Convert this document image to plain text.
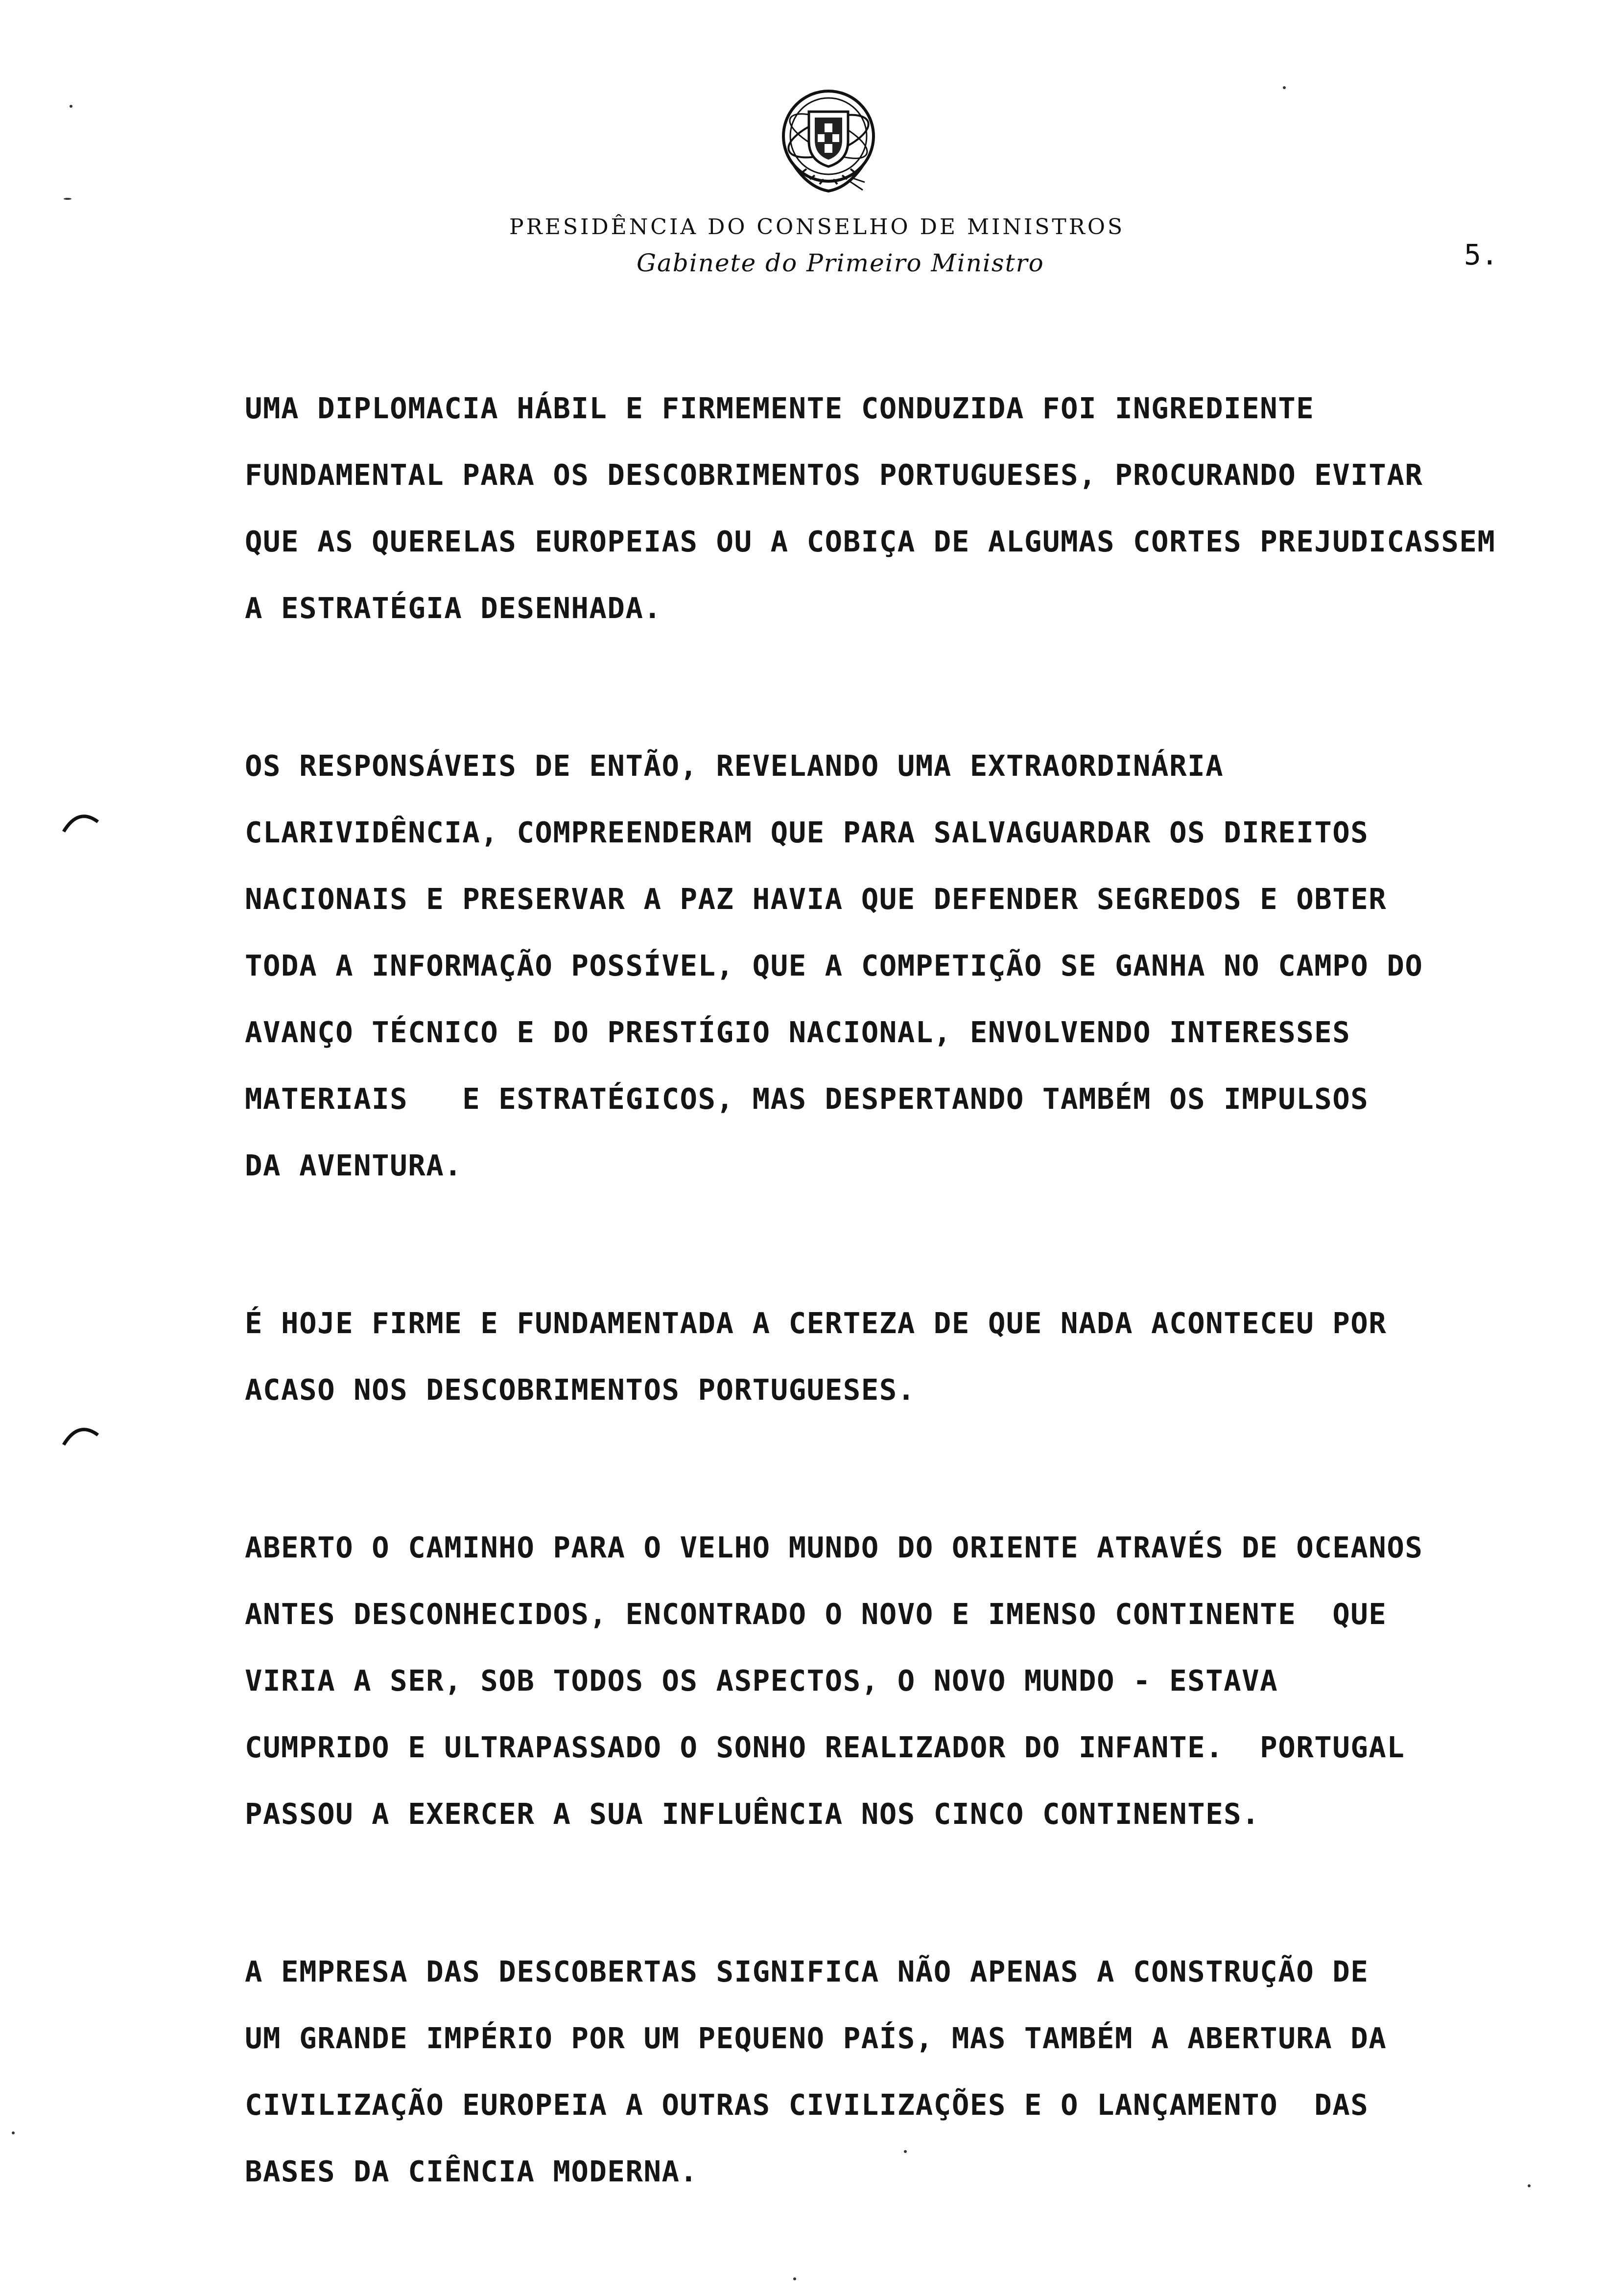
PRESIDÊNCIA DO CONSELHO DE MINISTROS
Gabinete do Primeiro Ministro	5.
UMA DIPLOMACIA HÁBIL E FIRMEMENTE CONDUZIDA FOI INGREDIENTE
FUNDAMENTAL PARA OS DESCOBRIMENTOS PORTUGUESES, PROCURANDO EVITAR
QUE AS QUERELAS EUROPEIAS OU A COBIÇA DE ALGUMAS CORTES PREJUDICASSEM
A ESTRATÉGIA DESENHADA.
OS RESPONSÁVEIS DE ENTÃO, REVELANDO UMA EXTRAORDINÁRIA
CLARIVIDÊNCIA, COMPREENDERAM QUE PARA SALVAGUARDAR OS DIREITOS
NACIONAIS E PRESERVAR A PAZ HAVIA QUE DEFENDER SEGREDOS E OBTER
TODA A INFORMAÇÃO POSSÍVEL, QUE A COMPETIÇÃO SE GANHA NO CAMPO DO
AVANÇO TÉCNICO E DO PRESTÍGIO NACIONAL, ENVOLVENDO INTERESSES
MATERIAIS   E ESTRATÉGICOS, MAS DESPERTANDO TAMBÉM OS IMPULSOS
DA AVENTURA.
É HOJE FIRME E FUNDAMENTADA A CERTEZA DE QUE NADA ACONTECEU POR
ACASO NOS DESCOBRIMENTOS PORTUGUESES.
ABERTO O CAMINHO PARA O VELHO MUNDO DO ORIENTE ATRAVÉS DE OCEANOS
ANTES DESCONHECIDOS, ENCONTRADO O NOVO E IMENSO CONTINENTE  QUE
VIRIA A SER, SOB TODOS OS ASPECTOS, O NOVO MUNDO - ESTAVA
CUMPRIDO E ULTRAPASSADO O SONHO REALIZADOR DO INFANTE.  PORTUGAL
PASSOU A EXERCER A SUA INFLUÊNCIA NOS CINCO CONTINENTES.
A EMPRESA DAS DESCOBERTAS SIGNIFICA NÃO APENAS A CONSTRUÇÃO DE
UM GRANDE IMPÉRIO POR UM PEQUENO PAÍS, MAS TAMBÉM A ABERTURA DA
CIVILIZAÇÃO EUROPEIA A OUTRAS CIVILIZAÇÕES E O LANÇAMENTO  DAS
BASES DA CIÊNCIA MODERNA.
